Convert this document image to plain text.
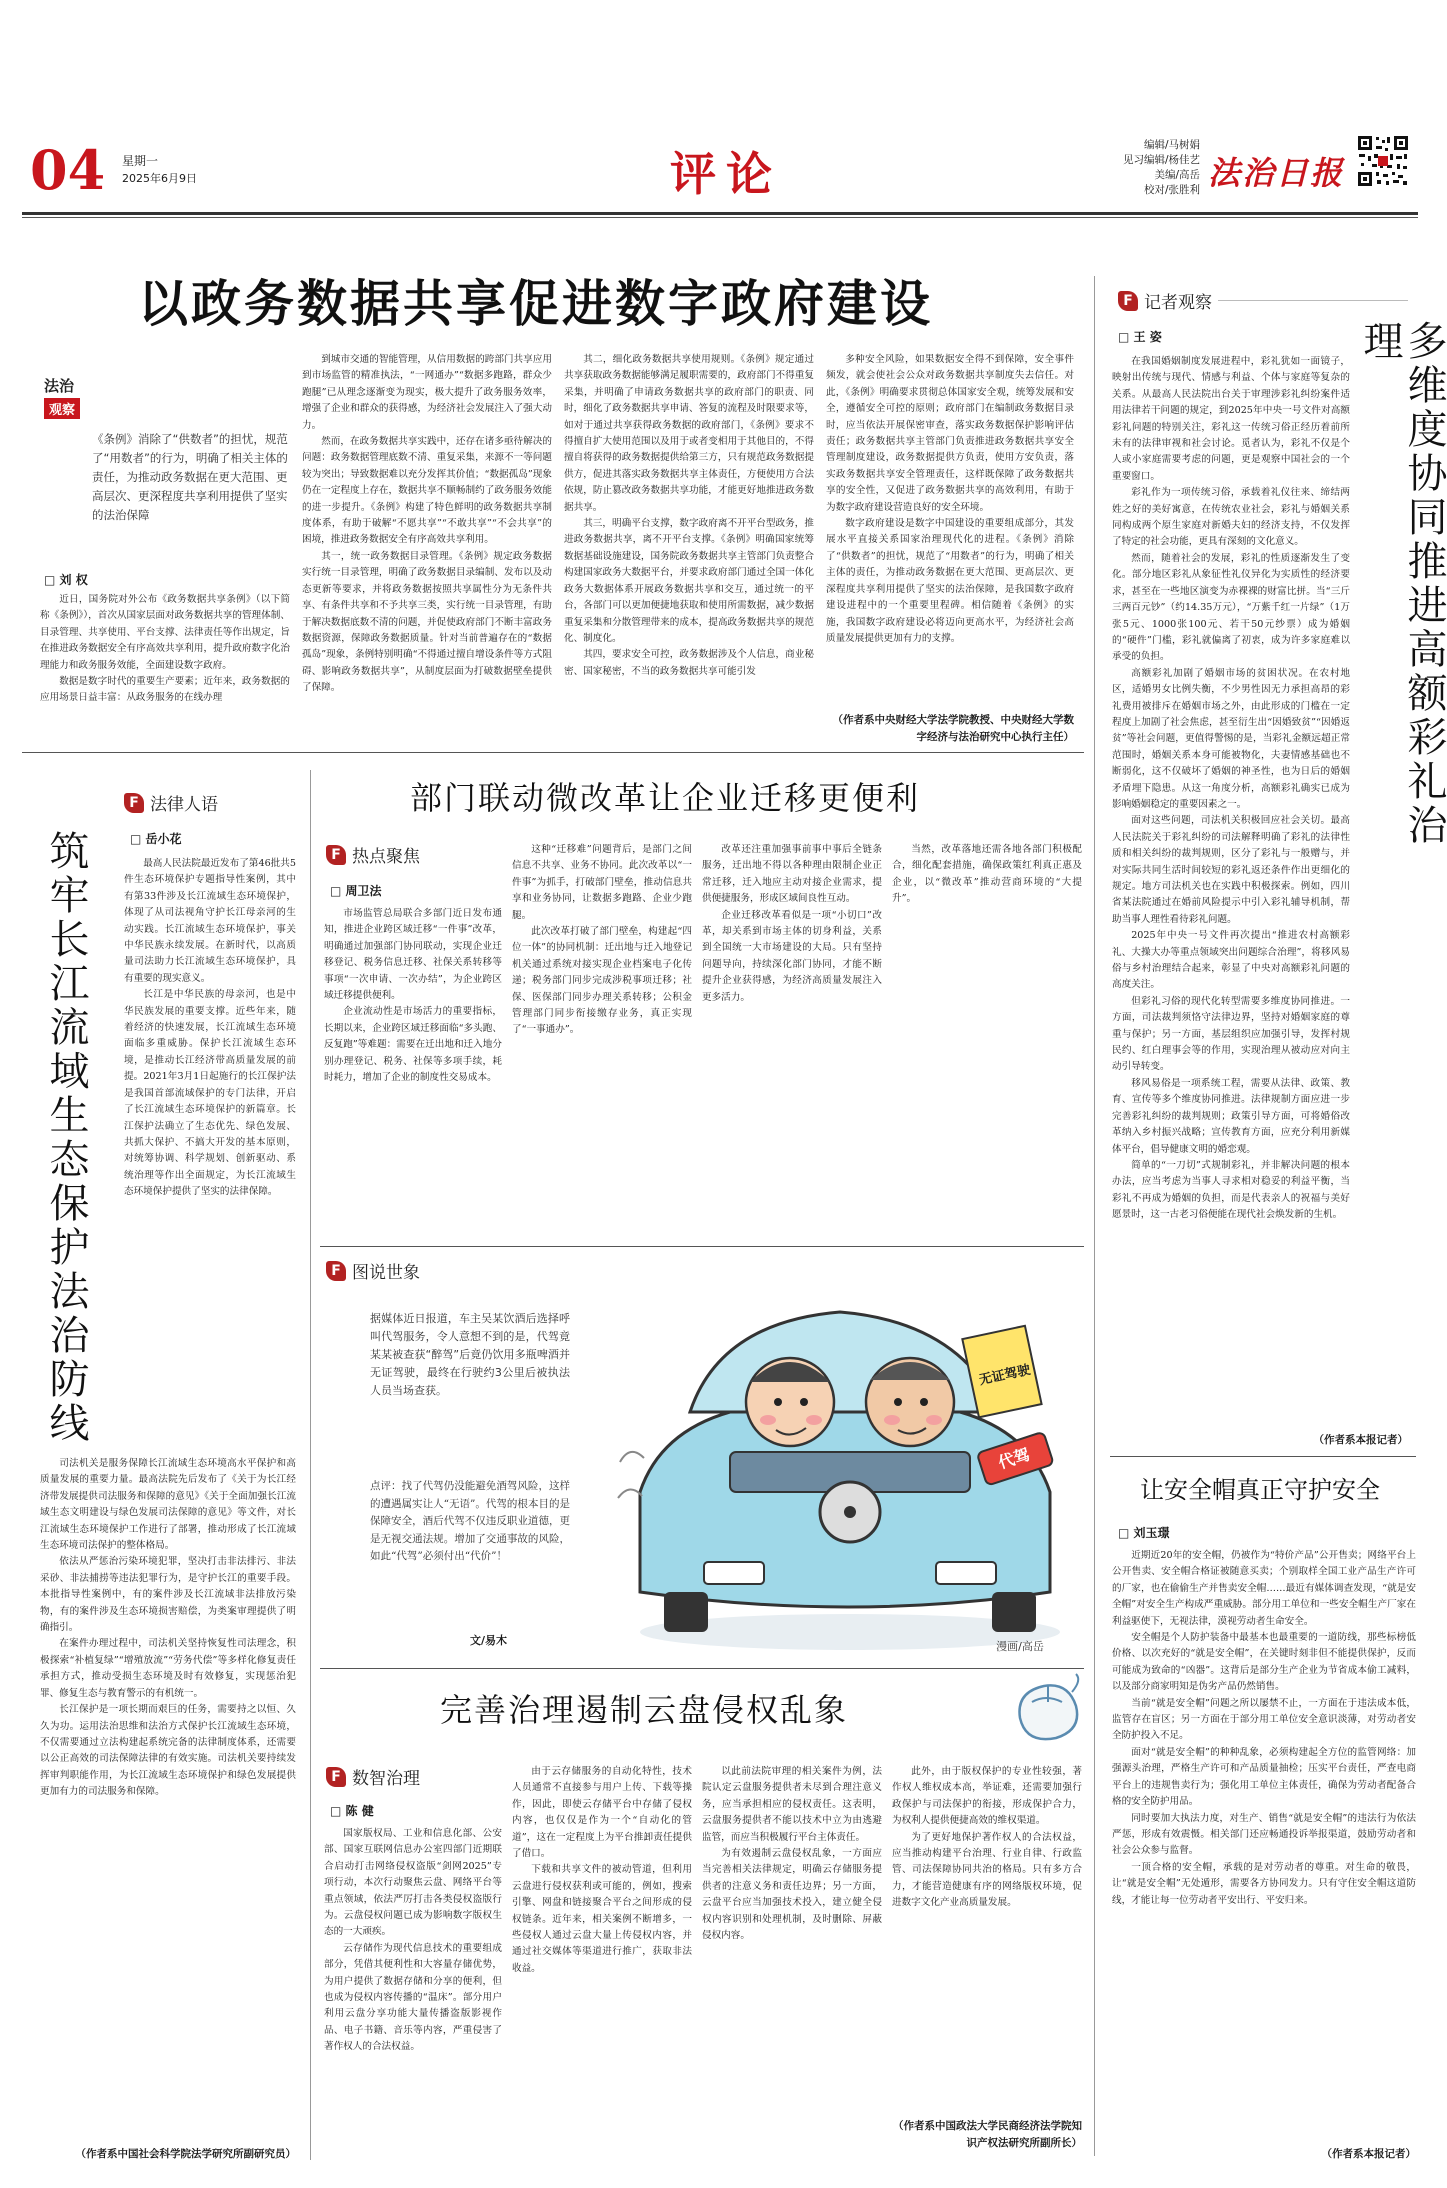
04 星期一
2025年6月9日	评论
编辑/马树娟
见习编辑/杨佳艺
美编/高岳
校对/张胜利 法治日报
以政务数据共享促进数字政府建设
法治
观察
《条例》消除了“供数者”的担忧，规范了“用数者”的行为，明确了相关主体的责任，为推动政务数据在更大范围、更高层次、更深程度共享利用提供了坚实的法治保障
□ 刘 权

近日，国务院对外公布《政务数据共享条例》（以下简称《条例》），首次从国家层面对政务数据共享的管理体制、目录管理、共享使用、平台支撑、法律责任等作出规定，旨在推进政务数据安全有序高效共享利用，提升政府数字化治理能力和政务服务效能，全面建设数字政府。

数据是数字时代的重要生产要素；近年来，政务数据的应用场景日益丰富：从政务服务的在线办理

到城市交通的智能管理，从信用数据的跨部门共享应用到市场监管的精准执法，“一网通办”“数据多跑路，群众少跑腿”已从理念逐渐变为现实，极大提升了政务服务效率，增强了企业和群众的获得感，为经济社会发展注入了强大动力。

然而，在政务数据共享实践中，还存在诸多亟待解决的问题：政务数据管理底数不清、重复采集，来源不一等问题较为突出；导致数据难以充分发挥其价值；“数据孤岛”现象仍在一定程度上存在，数据共享不顺畅制约了政务服务效能的进一步提升。《条例》构建了特色鲜明的政务数据共享制度体系，有助于破解“不愿共享”“不敢共享”“不会共享”的困境，推进政务数据安全有序高效共享利用。

其一，统一政务数据目录管理。《条例》规定政务数据实行统一目录管理，明确了政务数据目录编制、发布以及动态更新等要求，并将政务数据按照共享属性分为无条件共享、有条件共享和不予共享三类，实行统一目录管理，有助于解决数据底数不清的问题，并促使政府部门不断丰富政务数据资源，保障政务数据质量。针对当前普遍存在的“数据孤岛”现象，条例特别明确“不得通过擅自增设条件等方式阻碍、影响政务数据共享”，从制度层面为打破数据壁垒提供了保障。

其二，细化政务数据共享使用规则。《条例》规定通过共享获取政务数据能够满足履职需要的，政府部门不得重复采集，并明确了申请政务数据共享的政府部门的职责、同时，细化了政务数据共享申请、答复的流程及时限要求等，如对于通过共享获得政务数据的政府部门，《条例》要求不得擅自扩大使用范围以及用于或者变相用于其他目的，不得擅自将获得的政务数据提供给第三方，只有规范政务数据提供方，促进其落实政务数据共享主体责任，方便使用方合法依规，防止篡改政务数据共享功能，才能更好地推进政务数据共享。

其三，明确平台支撑，数字政府离不开平台型政务，推进政务数据共享，离不开平台支撑。《条例》明确国家统筹数据基础设施建设，国务院政务数据共享主管部门负责整合构建国家政务大数据平台，并要求政府部门通过全国一体化政务大数据体系开展政务数据共享和交互，通过统一的平台，各部门可以更加便捷地获取和使用所需数据，减少数据重复采集和分散管理带来的成本，提高政务数据共享的规范化、制度化。

其四，要求安全可控，政务数据涉及个人信息，商业秘密、国家秘密，不当的政务数据共享可能引发

多种安全风险，如果数据安全得不到保障，安全事件频发，就会使社会公众对政务数据共享制度失去信任。对此，《条例》明确要求贯彻总体国家安全观，统筹发展和安全，遵循安全可控的原则；政府部门在编制政务数据目录时，应当依法开展保密审查，落实政务数据保护影响评估责任；政务数据共享主管部门负责推进政务数据共享安全管理制度建设，政务数据提供方负责，使用方安负责，落实政务数据共享安全管理责任，这样既保障了政务数据共享的安全性，又促进了政务数据共享的高效利用，有助于为数字政府建设营造良好的安全环境。

数字政府建设是数字中国建设的重要组成部分，其发展水平直接关系国家治理现代化的进程。《条例》消除了“供数者”的担忧，规范了“用数者”的行为，明确了相关主体的责任，为推动政务数据在更大范围、更高层次、更深程度共享利用提供了坚实的法治保障，是我国数字政府建设进程中的一个重要里程碑。相信随着《条例》的实施，我国数字政府建设必将迈向更高水平，为经济社会高质量发展提供更加有力的支撑。

（作者系中央财经大学法学院教授、中央财经大学数字经济与法治研究中心执行主任）
F 记者观察
多维度协同推进高额彩礼治理
□ 王 姿

在我国婚姻制度发展进程中，彩礼犹如一面镜子，映射出传统与现代、情感与利益、个体与家庭等复杂的关系。从最高人民法院出台关于审理涉彩礼纠纷案件适用法律若干问题的规定，到2025年中央一号文件对高额彩礼问题的特别关注，彩礼这一传统习俗正经历着前所未有的法律审视和社会讨论。觅者认为，彩礼不仅是个人或小家庭需要考虑的问题，更是观察中国社会的一个重要窗口。

彩礼作为一项传统习俗，承载着礼仪往来、缔结两姓之好的美好寓意，在传统农业社会，彩礼与婚姻关系同构成两个原生家庭对新婚夫妇的经济支持，不仅发挥了特定的社会功能，更具有深刻的文化意义。

然而，随着社会的发展，彩礼的性质逐渐发生了变化。部分地区彩礼从象征性礼仪异化为实质性的经济要求，甚至在一些地区演变为赤裸裸的财富比拼。当“三斤三两百元钞”（约14.35万元），“万紫千红一片绿”（1万张5元、1000张100元、若干50元纱票）成为婚姻的“硬件”门槛，彩礼就偏离了初衷，成为许多家庭难以承受的负担。

高额彩礼加剧了婚姻市场的贫困状况。在农村地区，适婚男女比例失衡，不少男性因无力承担高昂的彩礼费用被排斥在婚姻市场之外，由此形成的门槛在一定程度上加剧了社会焦虑，甚至衍生出“因婚致贫”“因婚返贫”等社会问题，更值得警惕的是，当彩礼金额远超正常范围时，婚姻关系本身可能被物化，夫妻情感基础也不断弱化，这不仅破坏了婚姻的神圣性，也为日后的婚姻矛盾埋下隐患。从这一角度分析，高额彩礼确实已成为影响婚姻稳定的重要因素之一。

面对这些问题，司法机关积极回应社会关切。最高人民法院关于彩礼纠纷的司法解释明确了彩礼的法律性质和相关纠纷的裁判规则，区分了彩礼与一般赠与，并对实际共同生活时间较短的彩礼返还条件作出更细化的规定。地方司法机关也在实践中积极探索。例如，四川省某法院通过在婚前风险提示中引入彩礼辅导机制，帮助当事人理性看待彩礼问题。

2025年中央一号文件再次提出“推进农村高额彩礼、大操大办等重点领域突出问题综合治理”，将移风易俗与乡村治理结合起来，彰显了中央对高额彩礼问题的高度关注。

但彩礼习俗的现代化转型需要多维度协同推进。一方面，司法裁判须恪守法律边界，坚持对婚姻家庭的尊重与保护；另一方面，基层组织应加强引导，发挥村规民约、红白理事会等的作用，实现治理从被动应对向主动引导转变。

移风易俗是一项系统工程，需要从法律、政策、教育、宣传等多个维度协同推进。法律规制方面应进一步完善彩礼纠纷的裁判规则；政策引导方面，可将婚俗改革纳入乡村振兴战略；宣传教育方面，应充分利用新媒体平台，倡导健康文明的婚恋观。

简单的“一刀切”式规制彩礼，并非解决问题的根本办法，应当考虑为当事人寻求相对稳妥的利益平衡，当彩礼不再成为婚姻的负担，而是代表亲人的祝福与美好愿景时，这一古老习俗便能在现代社会焕发新的生机。

（作者系本报记者）
让安全帽真正守护安全
□ 刘玉璟

近期近20年的安全帽，仍被作为“特价产品”公开售卖；网络平台上公开售卖、安全帽合格证被随意买卖；个别取样全国工业产品生产许可的厂家，也在偷偷生产并售卖安全帽……最近有媒体调查发现，“就是安全帽”对安全生产构成严重威胁。部分用工单位和一些安全帽生产厂家在利益驱使下，无视法律，漠视劳动者生命安全。

安全帽是个人防护装备中最基本也最重要的一道防线，那些标榜低价格、以次充好的“就是安全帽”，在关键时刻非但不能提供保护，反而可能成为致命的“凶器”。这背后是部分生产企业为节省成本偷工减料，以及部分商家明知是伪劣产品仍然销售。

当前“就是安全帽”问题之所以屡禁不止，一方面在于违法成本低，监管存在盲区；另一方面在于部分用工单位安全意识淡薄，对劳动者安全防护投入不足。

面对“就是安全帽”的种种乱象，必须构建起全方位的监管网络：加强源头治理，严格生产许可和产品质量抽检；压实平台责任，严查电商平台上的违规售卖行为；强化用工单位主体责任，确保为劳动者配备合格的安全防护用品。

同时要加大执法力度，对生产、销售“就是安全帽”的违法行为依法严惩，形成有效震慑。相关部门还应畅通投诉举报渠道，鼓励劳动者和社会公众参与监督。

一顶合格的安全帽，承载的是对劳动者的尊重。对生命的敬畏，让“就是安全帽”无处遁形，需要各方协同发力。只有守住安全帽这道防线，才能让每一位劳动者平安出行、平安归来。

（作者系本报记者）
F 法律人语
筑牢长江流域生态保护法治防线	□ 岳小花

最高人民法院最近发布了第46批共5件生态环境保护专题指导性案例，其中有第33件涉及长江流域生态环境保护，体现了从司法视角守护长江母亲河的生动实践。长江流域生态环境保护，事关中华民族永续发展。在新时代，以高质量司法助力长江流域生态环境保护，具有重要的现实意义。

长江是中华民族的母亲河，也是中华民族发展的重要支撑。近些年来，随着经济的快速发展，长江流域生态环境面临多重威胁。保护长江流域生态环境，是推动长江经济带高质量发展的前提。2021年3月1日起施行的长江保护法是我国首部流域保护的专门法律，开启了长江流域生态环境保护的新篇章。长江保护法确立了生态优先、绿色发展、共抓大保护、不搞大开发的基本原则，对统筹协调、科学规划、创新驱动、系统治理等作出全面规定，为长江流域生态环境保护提供了坚实的法律保障。

司法机关是服务保障长江流域生态环境高水平保护和高质量发展的重要力量。最高法院先后发布了《关于为长江经济带发展提供司法服务和保障的意见》《关于全面加强长江流域生态文明建设与绿色发展司法保障的意见》等文件，对长江流域生态环境保护工作进行了部署，推动形成了长江流域生态环境司法保护的整体格局。

依法从严惩治污染环境犯罪，坚决打击非法排污、非法采砂、非法捕捞等违法犯罪行为，是守护长江的重要手段。本批指导性案例中，有的案件涉及长江流域非法排放污染物，有的案件涉及生态环境损害赔偿，为类案审理提供了明确指引。

在案件办理过程中，司法机关坚持恢复性司法理念，积极探索“补植复绿”“增殖放流”“劳务代偿”等多样化修复责任承担方式，推动受损生态环境及时有效修复，实现惩治犯罪、修复生态与教育警示的有机统一。

长江保护是一项长期而艰巨的任务，需要持之以恒、久久为功。运用法治思维和法治方式保护长江流域生态环境，不仅需要通过立法构建起系统完备的法律制度体系，还需要以公正高效的司法保障法律的有效实施。司法机关要持续发挥审判职能作用，为长江流域生态环境保护和绿色发展提供更加有力的司法服务和保障。

（作者系中国社会科学院法学研究所副研究员）
部门联动微改革让企业迁移更便利
F 热点聚焦
□ 周卫法

市场监管总局联合多部门近日发布通知，推进企业跨区域迁移“一件事”改革，明确通过加强部门协同联动，实现企业迁移登记、税务信息迁移、社保关系转移等事项“一次申请、一次办结”，为企业跨区域迁移提供便利。

企业流动性是市场活力的重要指标，长期以来，企业跨区域迁移面临“多头跑、反复跑”等难题：需要在迁出地和迁入地分别办理登记、税务、社保等多项手续，耗时耗力，增加了企业的制度性交易成本。

这种“迁移难”问题背后，是部门之间信息不共享、业务不协同。此次改革以“一件事”为抓手，打破部门壁垒，推动信息共享和业务协同，让数据多跑路、企业少跑腿。

此次改革打破了部门壁垒，构建起“四位一体”的协同机制：迁出地与迁入地登记机关通过系统对接实现企业档案电子化传递；税务部门同步完成涉税事项迁移；社保、医保部门同步办理关系转移；公积金管理部门同步衔接缴存业务，真正实现了“一事通办”。

改革还注重加强事前事中事后全链条服务，迁出地不得以各种理由限制企业正常迁移，迁入地应主动对接企业需求，提供便捷服务，形成区域间良性互动。

企业迁移改革看似是一项“小切口”改革，却关系到市场主体的切身利益，关系到全国统一大市场建设的大局。只有坚持问题导向，持续深化部门协同，才能不断提升企业获得感，为经济高质量发展注入更多活力。

当然，改革落地还需各地各部门积极配合，细化配套措施，确保政策红利真正惠及企业，以“微改革”推动营商环境的“大提升”。

F 图说世象
据媒体近日报道，车主吴某饮酒后选择呼叫代驾服务，令人意想不到的是，代驾竟某某被查获“醉驾”后竟仍饮用多瓶啤酒并无证驾驶，最终在行驶约3公里后被执法人员当场查获。
点评：找了代驾仍没能避免酒驾风险，这样的遭遇属实让人“无语”。代驾的根本目的是保障安全，酒后代驾不仅违反职业道德，更是无视交通法规。增加了交通事故的风险，如此“代驾”必须付出“代价”！
文/易木
无证驾驶
代驾
漫画/高岳
完善治理遏制云盘侵权乱象
F 数智治理
□ 陈 健

国家版权局、工业和信息化部、公安部、国家互联网信息办公室四部门近期联合启动打击网络侵权盗版“剑网2025”专项行动，本次行动聚焦云盘、网络平台等重点领域，依法严厉打击各类侵权盗版行为。云盘侵权问题已成为影响数字版权生态的一大顽疾。

云存储作为现代信息技术的重要组成部分，凭借其便利性和大容量存储优势，为用户提供了数据存储和分享的便利，但也成为侵权内容传播的“温床”。部分用户利用云盘分享功能大量传播盗版影视作品、电子书籍、音乐等内容，严重侵害了著作权人的合法权益。

由于云存储服务的自动化特性，技术人员通常不直接参与用户上传、下载等操作，因此，即使云存储平台中存储了侵权内容，也仅仅是作为一个“自动化的管道”，这在一定程度上为平台推卸责任提供了借口。

下载和共享文件的被动管道，但利用云盘进行侵权获利或可能的，例如，搜索引擎、网盘和链接聚合平台之间形成的侵权链条。近年来，相关案例不断增多，一些侵权人通过云盘大量上传侵权内容，并通过社交媒体等渠道进行推广，获取非法收益。

以此前法院审理的相关案件为例，法院认定云盘服务提供者未尽到合理注意义务，应当承担相应的侵权责任。这表明，云盘服务提供者不能以技术中立为由逃避监管，而应当积极履行平台主体责任。

为有效遏制云盘侵权乱象，一方面应当完善相关法律规定，明确云存储服务提供者的注意义务和责任边界；另一方面，云盘平台应当加强技术投入，建立健全侵权内容识别和处理机制，及时删除、屏蔽侵权内容。

此外，由于版权保护的专业性较强，著作权人维权成本高，举证难，还需要加强行政保护与司法保护的衔接，形成保护合力，为权利人提供便捷高效的维权渠道。

为了更好地保护著作权人的合法权益，应当推动构建平台治理、行业自律、行政监管、司法保障协同共治的格局。只有多方合力，才能营造健康有序的网络版权环境，促进数字文化产业高质量发展。

（作者系中国政法大学民商经济法学院知识产权法研究所副所长）
